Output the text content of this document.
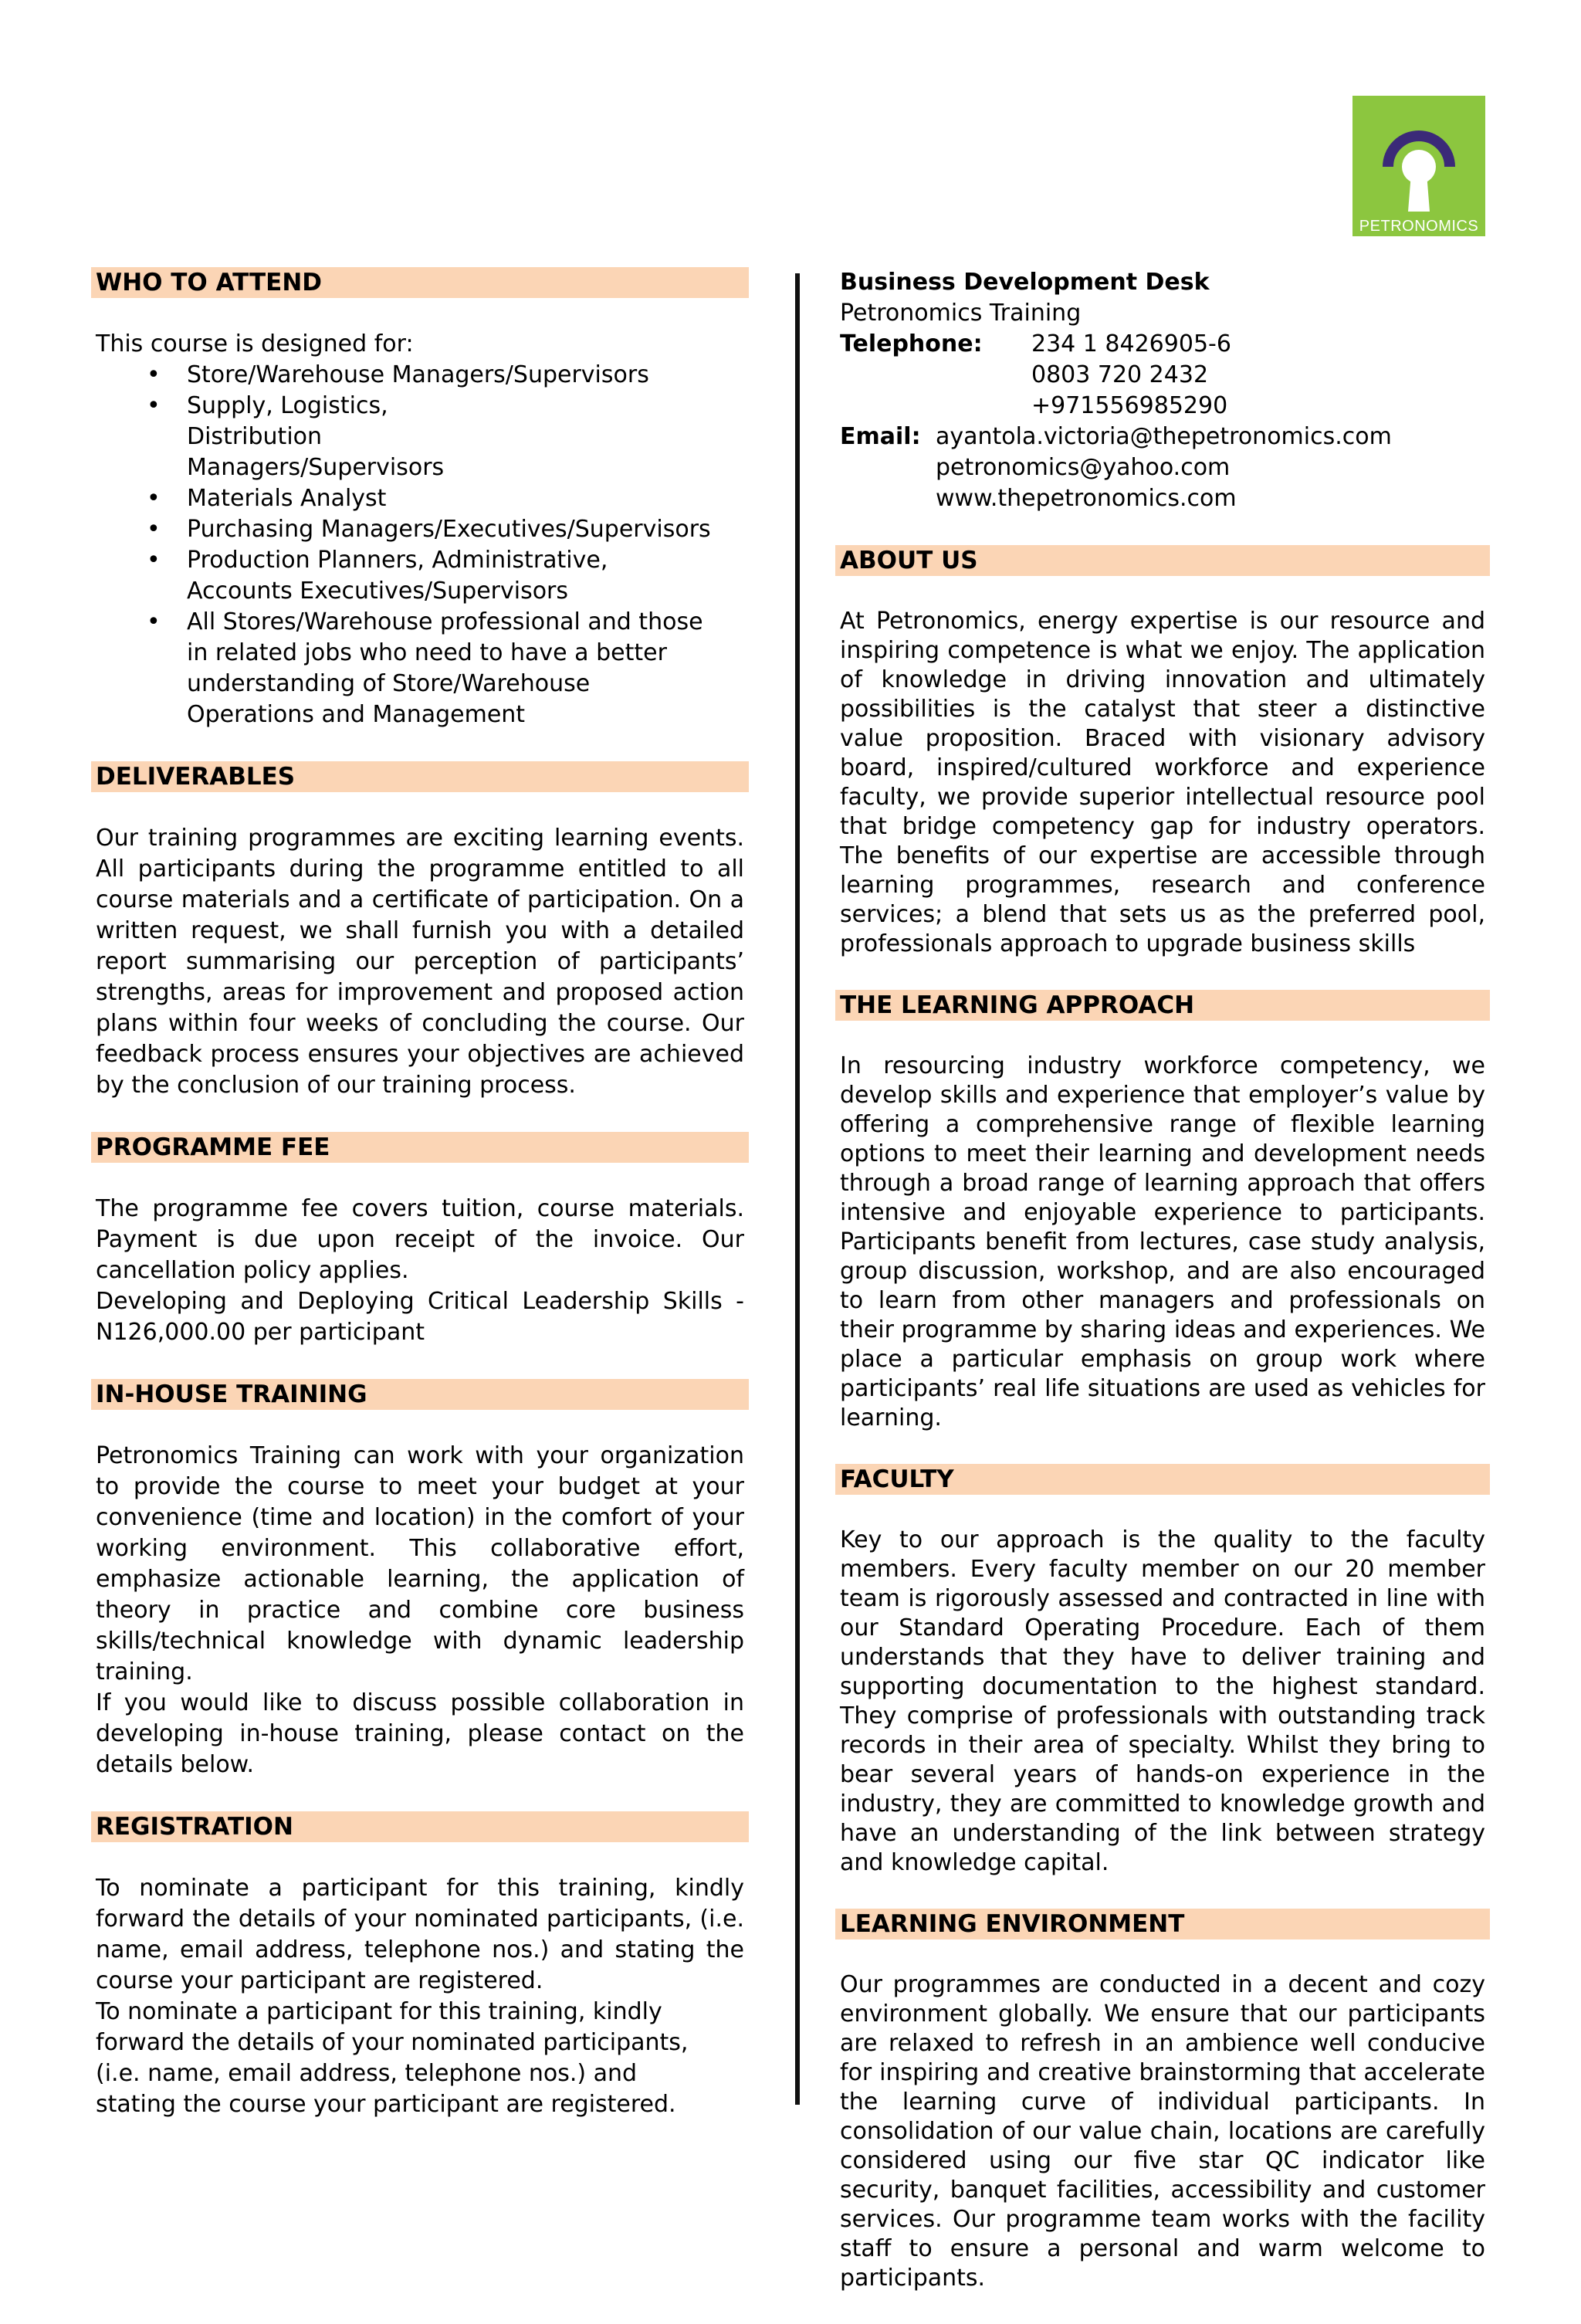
PETRONOMICS
WHO TO ATTEND
This course is designed for:
• Store/Warehouse Managers/Supervisors
• Supply, Logistics, Distribution Managers/Supervisors
• Materials Analyst
• Purchasing Managers/Executives/Supervisors
• Production Planners, Administrative, Accounts Executives/Supervisors
• All Stores/Warehouse professional and those in related jobs who need to have a better understanding of Store/Warehouse Operations and Management
DELIVERABLES
Our training programmes are exciting learning events. All participants during the programme entitled to all course materials and a certificate of participation. On a written request, we shall furnish you with a detailed report summarising our perception of participants’ strengths, areas for improvement and proposed action plans within four weeks of concluding the course. Our feedback process ensures your objectives are achieved by the conclusion of our training process.
PROGRAMME FEE
The programme fee covers tuition, course materials. Payment is due upon receipt of the invoice. Our cancellation policy applies.
Developing and Deploying Critical Leadership Skills - N126,000.00 per participant
IN-HOUSE TRAINING
Petronomics Training can work with your organization to provide the course to meet your budget at your convenience (time and location) in the comfort of your working environment. This collaborative effort, emphasize actionable learning, the application of theory in practice and combine core business skills/technical knowledge with dynamic leadership training.
If you would like to discuss possible collaboration in developing in-house training, please contact on the details below.
REGISTRATION
To nominate a participant for this training, kindly forward the details of your nominated participants, (i.e. name, email address, telephone nos.) and stating the course your participant are registered.
To nominate a participant for this training, kindly forward the details of your nominated participants, (i.e. name, email address, telephone nos.) and stating the course your participant are registered.
Business Development Desk
Petronomics Training
Telephone:	234 1 8426905-6
0803 720 2432
+971556985290
Email: ayantola.victoria@thepetronomics.com
petronomics@yahoo.com
www.thepetronomics.com
ABOUT US
At Petronomics, energy expertise is our resource and inspiring competence is what we enjoy. The application of knowledge in driving innovation and ultimately possibilities is the catalyst that steer a distinctive value proposition. Braced with visionary advisory board, inspired/cultured workforce and experience faculty, we provide superior intellectual resource pool that bridge competency gap for industry operators. The benefits of our expertise are accessible through learning programmes, research and conference services; a blend that sets us as the preferred pool, professionals approach to upgrade business skills
THE LEARNING APPROACH
In resourcing industry workforce competency, we develop skills and experience that employer’s value by offering a comprehensive range of flexible learning options to meet their learning and development needs through a broad range of learning approach that offers intensive and enjoyable experience to participants. Participants benefit from lectures, case study analysis, group discussion, workshop, and are also encouraged to learn from other managers and professionals on their programme by sharing ideas and experiences. We place a particular emphasis on group work where participants’ real life situations are used as vehicles for learning.
FACULTY
Key to our approach is the quality to the faculty members. Every faculty member on our 20 member team is rigorously assessed and contracted in line with our Standard Operating Procedure. Each of them understands that they have to deliver training and supporting documentation to the highest standard. They comprise of professionals with outstanding track records in their area of specialty. Whilst they bring to bear several years of hands-on experience in the industry, they are committed to knowledge growth and have an understanding of the link between strategy and knowledge capital.
LEARNING ENVIRONMENT
Our programmes are conducted in a decent and cozy environment globally. We ensure that our participants are relaxed to refresh in an ambience well conducive for inspiring and creative brainstorming that accelerate the learning curve of individual participants. In consolidation of our value chain, locations are carefully considered using our five star QC indicator like security, banquet facilities, accessibility and customer services. Our programme team works with the facility staff to ensure a personal and warm welcome to participants.
